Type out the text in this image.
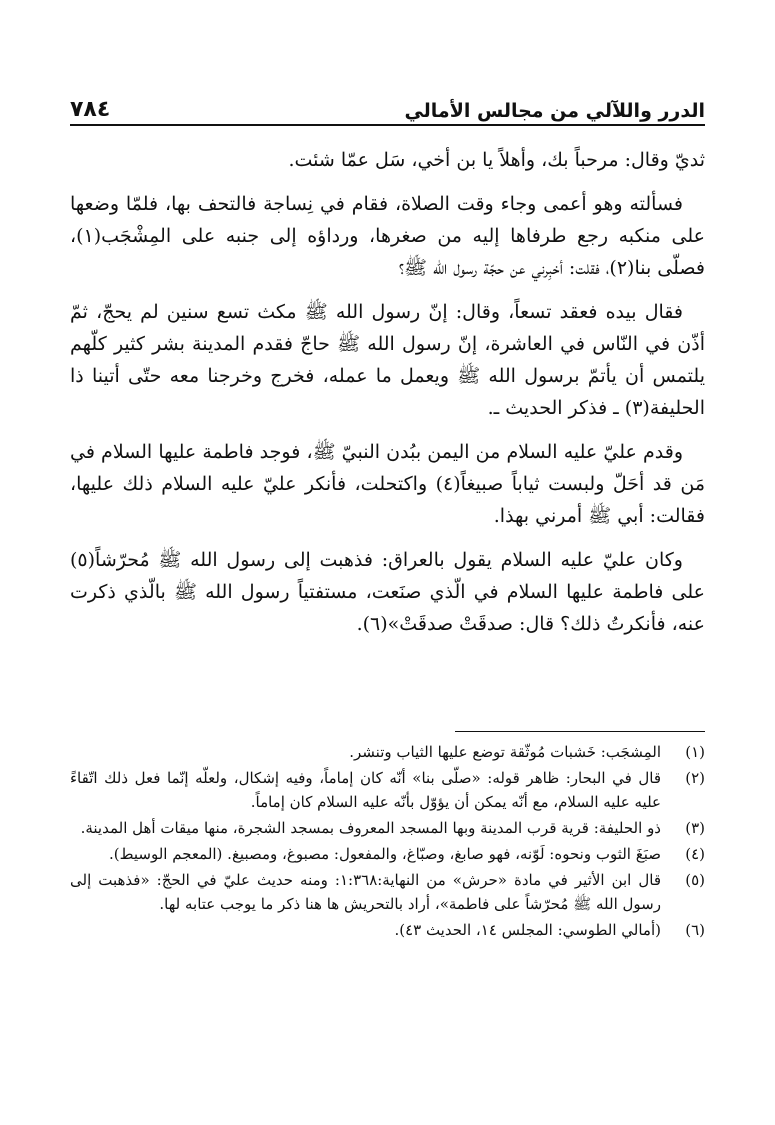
الدرر واللآلي من مجالس الأمالي
٧٨٤

ثديّ وقال: مرحباً بك، وأهلاً يا بن أخي، سَل عمّا شئت.

فسألته وهو أعمى وجاء وقت الصلاة، فقام في نِساجة فالتحف بها، فلمّا وضعها على منكبه رجع طرفاها إليه من صغرها، ورداؤه إلى جنبه على المِشْجَب(١)، فصلّى بنا(٢)، فقلت: أخبِرني عن حجّة رسول الله ﷺ؟

فقال بيده فعقد تسعاً، وقال: إنّ رسول الله ﷺ مكث تسع سنين لم يحجّ، ثمّ أذّن في النّاس في العاشرة، إنّ رسول الله ﷺ حاجّ فقدم المدينة بشر كثير كلّهم يلتمس أن يأتمّ برسول الله ﷺ ويعمل ما عمله، فخرج وخرجنا معه حتّى أتينا ذا الحليفة(٣) ـ فذكر الحديث ـ.

وقدم عليّ عليه السلام من اليمن ببُدن النبيّ ﷺ، فوجد فاطمة عليها السلام في مَن قد أحَلّ ولبست ثياباً صبيغاً(٤) واكتحلت، فأنكر عليّ عليه السلام ذلك عليها، فقالت: أبي ﷺ أمرني بهذا.

وكان عليّ عليه السلام يقول بالعراق: فذهبت إلى رسول الله ﷺ مُحرّشاً(٥) على فاطمة عليها السلام في الّذي صنَعت، مستفتياً رسول الله ﷺ بالّذي ذكرت عنه، فأنكرتُ ذلك؟ قال: صدقَتْ صدقَتْ»(٦).

(١)
المِشجَب: خَشبات مُوثّقة توضع عليها الثياب وتنشر.
(٢)
قال في البحار: ظاهر قوله: «صلّى بنا» أنّه كان إماماً، وفيه إشكال، ولعلّه إنّما فعل ذلك اتّقاءً عليه عليه السلام، مع أنّه يمكن أن يؤوّل بأنّه عليه السلام كان إماماً.
(٣)
ذو الحليفة: قرية قرب المدينة وبها المسجد المعروف بمسجد الشجرة، منها ميقات أهل المدينة.
(٤)
صبَغَ الثوب ونحوه: لَوّنه، فهو صابغ، وصبّاغ، والمفعول: مصبوغ، ومصبيغ. (المعجم الوسيط).
(٥)
قال ابن الأثير في مادة «حرش» من النهاية:١:٣٦٨: ومنه حديث عليّ في الحجّ: «فذهبت إلى رسول الله ﷺ مُحرّشاً على فاطمة»، أراد بالتحريش ها هنا ذكر ما يوجب عتابه لها.
(٦)
(أمالي الطوسي: المجلس ١٤، الحديث ٤٣).
